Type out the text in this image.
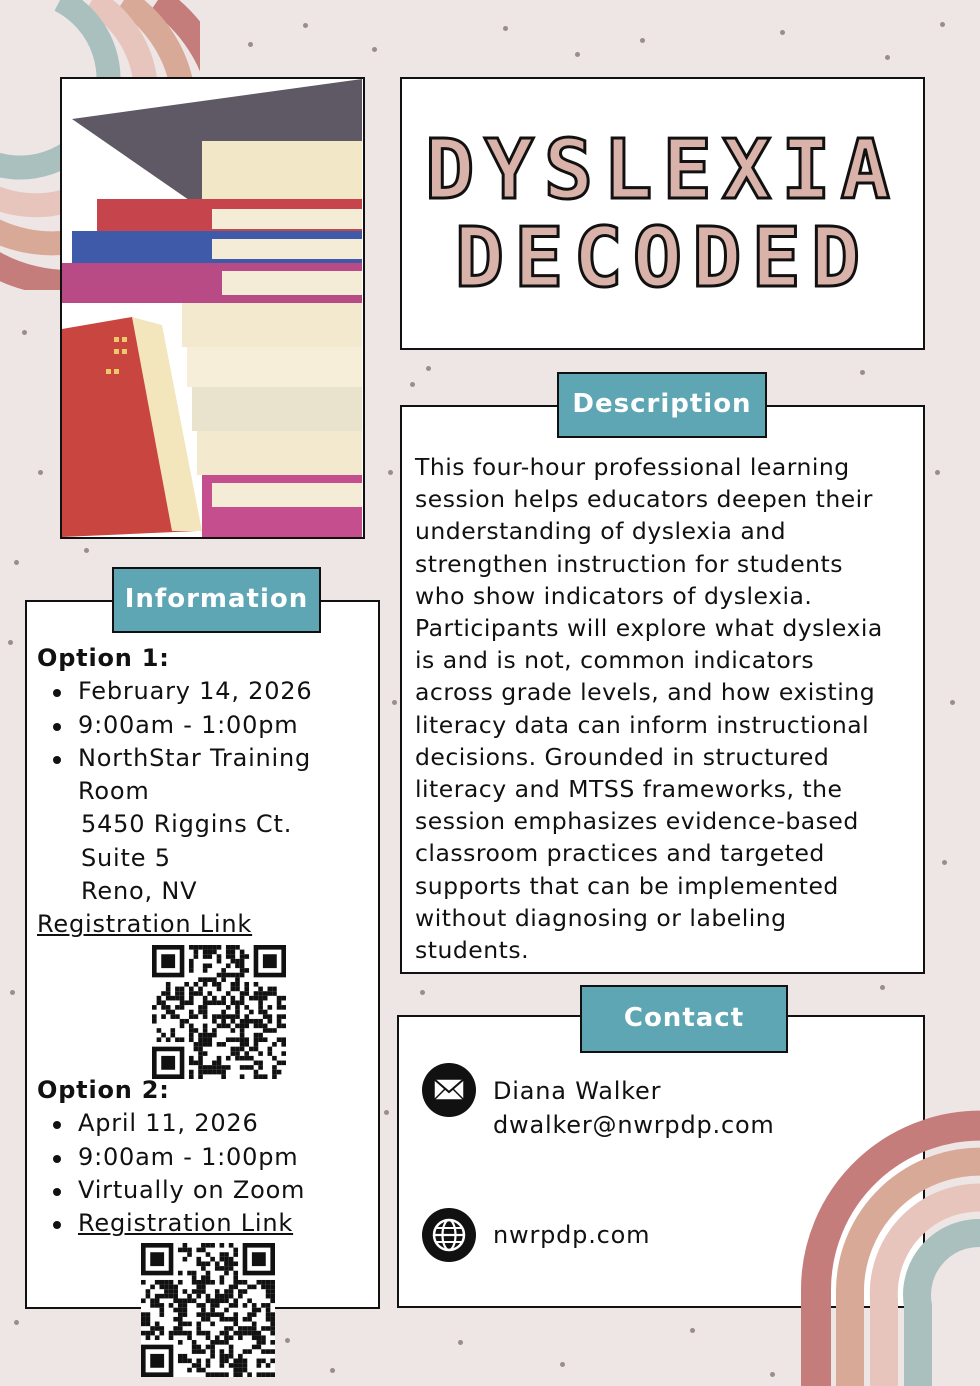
DYSLEXIA
DECODED
This four-hour professional learning
session helps educators deepen their
understanding of dyslexia and
strengthen instruction for students
who show indicators of dyslexia.
Participants will explore what dyslexia
is and is not, common indicators
across grade levels, and how existing
literacy data can inform instructional
decisions. Grounded in structured
literacy and MTSS frameworks, the
session emphasizes evidence-based
classroom practices and targeted
supports that can be implemented
without diagnosing or labeling
students.
Description
Option 1:
February 14, 2026
9:00am - 1:00pm
NorthStar Training
Room
5450 Riggins Ct.
Suite 5
Reno, NV
Registration Link
Option 2:
April 11, 2026
9:00am - 1:00pm
Virtually on Zoom
Registration Link
Information
Diana Walker
dwalker@nwrpdp.com
nwrpdp.com
Contact
